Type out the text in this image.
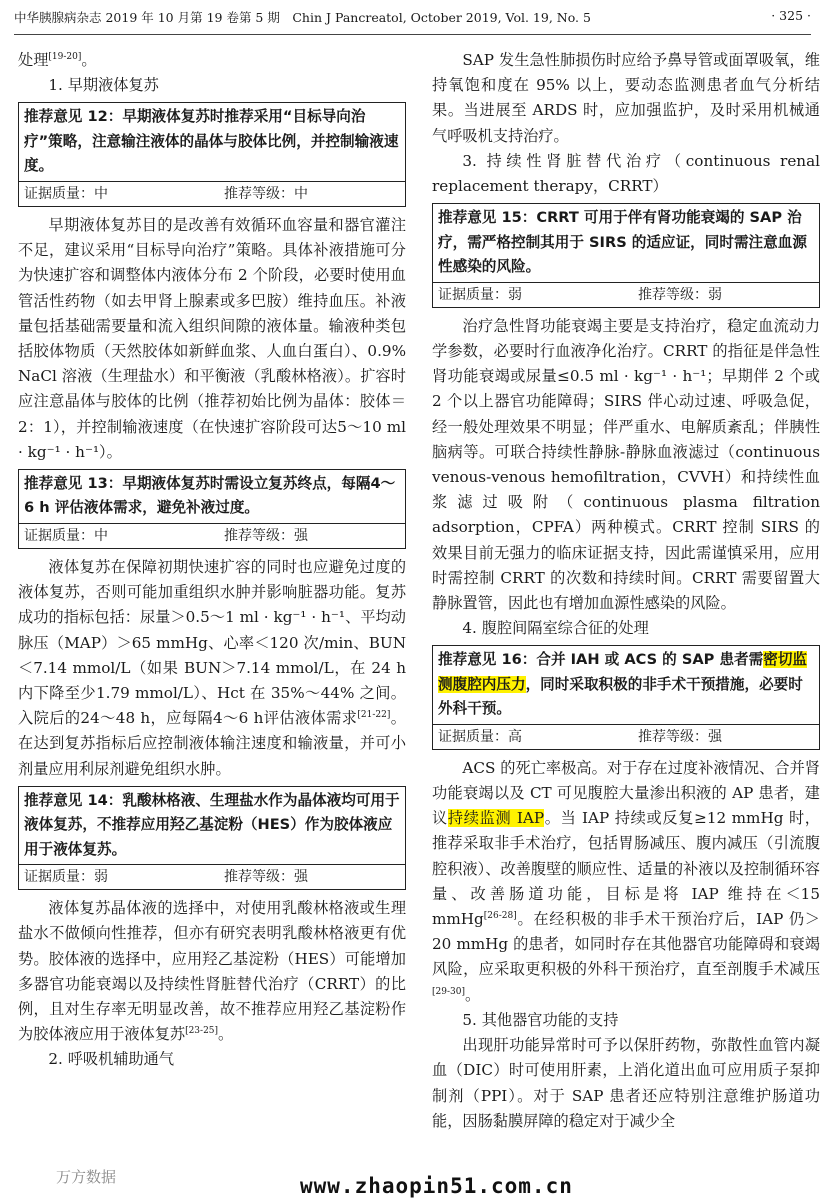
中华胰腺病杂志 2019 年 10 月第 19 卷第 5 期　Chin J Pancreatol, October 2019, Vol. 19, No. 5	· 325 ·

处理[19-20]。

1. 早期液体复苏

推荐意见 12：早期液体复苏时推荐采用“目标导向治疗”策略，注意输注液体的晶体与胶体比例，并控制输液速度。
证据质量：中	推荐等级：中

早期液体复苏目的是改善有效循环血容量和器官灌注不足，建议采用“目标导向治疗”策略。具体补液措施可分为快速扩容和调整体内液体分布 2 个阶段，必要时使用血管活性药物（如去甲肾上腺素或多巴胺）维持血压。补液量包括基础需要量和流入组织间隙的液体量。输液种类包括胶体物质（天然胶体如新鲜血浆、人血白蛋白）、0.9% NaCl 溶液（生理盐水）和平衡液（乳酸林格液）。扩容时应注意晶体与胶体的比例（推荐初始比例为晶体：胶体＝2：1），并控制输液速度（在快速扩容阶段可达5～10 ml · kg⁻¹ · h⁻¹）。

推荐意见 13：早期液体复苏时需设立复苏终点，每隔4～6 h 评估液体需求，避免补液过度。
证据质量：中	推荐等级：强

液体复苏在保障初期快速扩容的同时也应避免过度的液体复苏，否则可能加重组织水肿并影响脏器功能。复苏成功的指标包括：尿量＞0.5～1 ml · kg⁻¹ · h⁻¹、平均动脉压（MAP）＞65 mmHg、心率＜120 次/min、BUN＜7.14 mmol/L（如果 BUN＞7.14 mmol/L，在 24 h 内下降至少1.79 mmol/L）、Hct 在 35%～44% 之间。入院后的24～48 h，应每隔4～6 h评估液体需求[21-22]。在达到复苏指标后应控制液体输注速度和输液量，并可小剂量应用利尿剂避免组织水肿。

推荐意见 14：乳酸林格液、生理盐水作为晶体液均可用于液体复苏，不推荐应用羟乙基淀粉（HES）作为胶体液应用于液体复苏。
证据质量：弱	推荐等级：强

液体复苏晶体液的选择中，对使用乳酸林格液或生理盐水不做倾向性推荐，但亦有研究表明乳酸林格液更有优势。胶体液的选择中，应用羟乙基淀粉（HES）可能增加多器官功能衰竭以及持续性肾脏替代治疗（CRRT）的比例，且对生存率无明显改善，故不推荐应用羟乙基淀粉作为胶体液应用于液体复苏[23-25]。

2. 呼吸机辅助通气

SAP 发生急性肺损伤时应给予鼻导管或面罩吸氧，维持氧饱和度在 95% 以上，要动态监测患者血气分析结果。当进展至 ARDS 时，应加强监护，及时采用机械通气呼吸机支持治疗。

3. 持续性肾脏替代治疗（continuous renal replacement therapy，CRRT）

推荐意见 15：CRRT 可用于伴有肾功能衰竭的 SAP 治疗，需严格控制其用于 SIRS 的适应证，同时需注意血源性感染的风险。
证据质量：弱	推荐等级：弱

治疗急性肾功能衰竭主要是支持治疗，稳定血流动力学参数，必要时行血液净化治疗。CRRT 的指征是伴急性肾功能衰竭或尿量≤0.5 ml · kg⁻¹ · h⁻¹；早期伴 2 个或 2 个以上器官功能障碍；SIRS 伴心动过速、呼吸急促，经一般处理效果不明显；伴严重水、电解质紊乱；伴胰性脑病等。可联合持续性静脉-静脉血液滤过（continuous venous-venous hemofiltration，CVVH）和持续性血浆滤过吸附（continuous plasma filtration adsorption，CPFA）两种模式。CRRT 控制 SIRS 的效果目前无强力的临床证据支持，因此需谨慎采用，应用时需控制 CRRT 的次数和持续时间。CRRT 需要留置大静脉置管，因此也有增加血源性感染的风险。

4. 腹腔间隔室综合征的处理

推荐意见 16：合并 IAH 或 ACS 的 SAP 患者需密切监测腹腔内压力，同时采取积极的非手术干预措施，必要时外科干预。
证据质量：高	推荐等级：强

ACS 的死亡率极高。对于存在过度补液情况、合并肾功能衰竭以及 CT 可见腹腔大量渗出积液的 AP 患者，建议持续监测 IAP。当 IAP 持续或反复≥12 mmHg 时，推荐采取非手术治疗，包括胃肠减压、腹内减压（引流腹腔积液）、改善腹壁的顺应性、适量的补液以及控制循环容量、改善肠道功能，目标是将 IAP 维持在＜15 mmHg[26-28]。在经积极的非手术干预治疗后，IAP 仍＞20 mmHg 的患者，如同时存在其他器官功能障碍和衰竭风险，应采取更积极的外科干预治疗，直至剖腹手术减压[29-30]。

5. 其他器官功能的支持

出现肝功能异常时可予以保肝药物，弥散性血管内凝血（DIC）时可使用肝素，上消化道出血可应用质子泵抑制剂（PPI）。对于 SAP 患者还应特别注意维护肠道功能，因肠黏膜屏障的稳定对于减少全

万方数据	www.zhaopin51.com.cn
